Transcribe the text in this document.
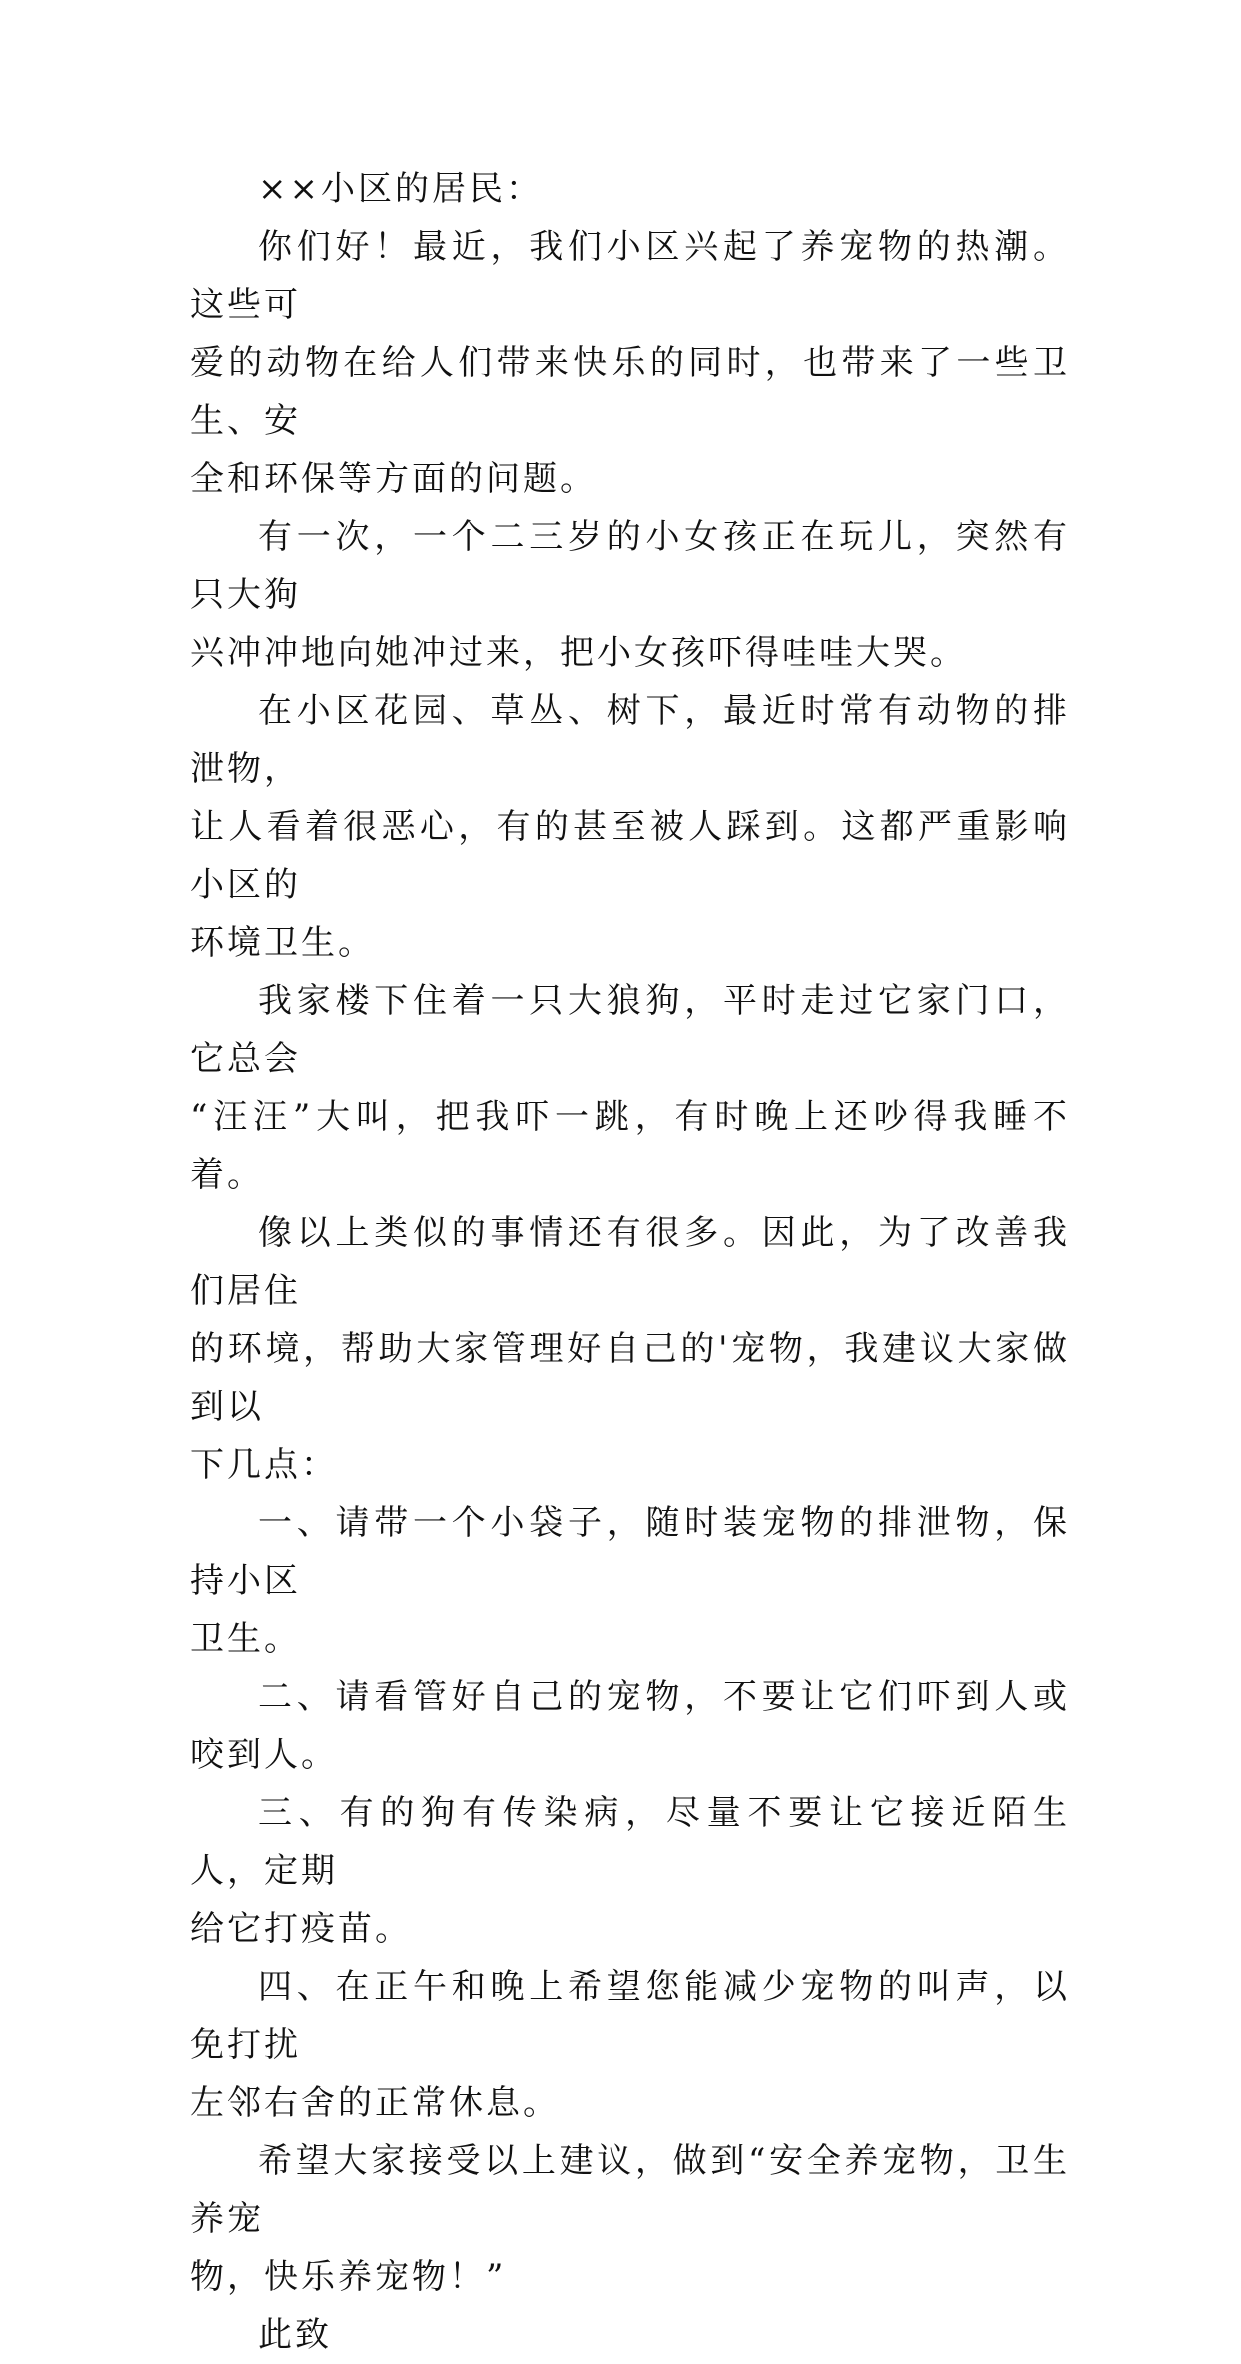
××小区的居民：

你们好！最近，我们小区兴起了养宠物的热潮。这些可
爱的动物在给人们带来快乐的同时，也带来了一些卫生、安
全和环保等方面的问题。

有一次，一个二三岁的小女孩正在玩儿，突然有只大狗
兴冲冲地向她冲过来，把小女孩吓得哇哇大哭。

在小区花园、草丛、树下，最近时常有动物的排泄物，
让人看着很恶心，有的甚至被人踩到。这都严重影响小区的
环境卫生。

我家楼下住着一只大狼狗，平时走过它家门口，它总会
“汪汪”大叫，把我吓一跳，有时晚上还吵得我睡不着。

像以上类似的事情还有很多。因此，为了改善我们居住
的环境，帮助大家管理好自己的'宠物，我建议大家做到以
下几点：

一、请带一个小袋子，随时装宠物的排泄物，保持小区
卫生。

二、请看管好自己的宠物，不要让它们吓到人或咬到人。

三、有的狗有传染病，尽量不要让它接近陌生人，定期
给它打疫苗。

四、在正午和晚上希望您能减少宠物的叫声，以免打扰
左邻右舍的正常休息。

希望大家接受以上建议，做到“安全养宠物，卫生养宠
物，快乐养宠物！”

此致
